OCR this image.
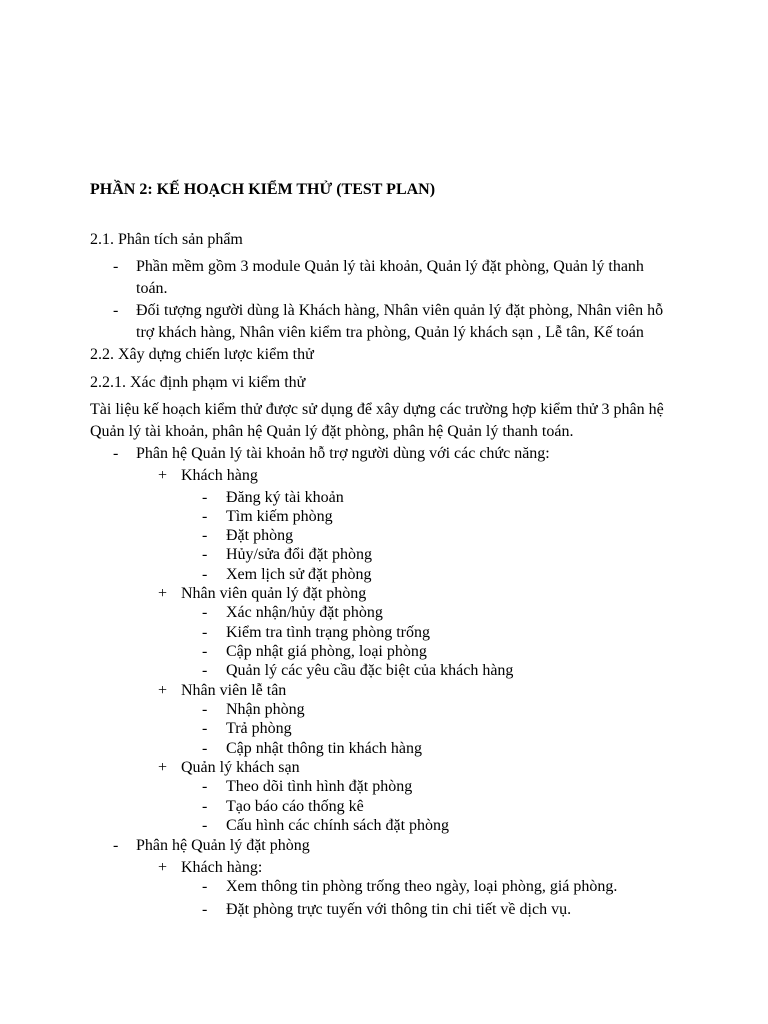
PHẦN 2: KẾ HOẠCH KIỂM THỬ (TEST PLAN)
2.1. Phân tích sản phẩm
- Phần mềm gồm 3 module Quản lý tài khoản, Quản lý đặt phòng, Quản lý thanh
toán.
- Đối tượng người dùng là Khách hàng, Nhân viên quản lý đặt phòng, Nhân viên hỗ
trợ khách hàng, Nhân viên kiểm tra phòng, Quản lý khách sạn , Lễ tân, Kế toán
2.2. Xây dựng chiến lược kiểm thử
2.2.1. Xác định phạm vi kiểm thử
Tài liệu kế hoạch kiểm thử được sử dụng để xây dựng các trường hợp kiểm thử 3 phân hệ
Quản lý tài khoản, phân hệ Quản lý đặt phòng, phân hệ Quản lý thanh toán.
- Phân hệ Quản lý tài khoản hỗ trợ người dùng với các chức năng:
+ Khách hàng
- Đăng ký tài khoản
- Tìm kiếm phòng
- Đặt phòng
- Hủy/sửa đổi đặt phòng
- Xem lịch sử đặt phòng
+ Nhân viên quản lý đặt phòng
- Xác nhận/hủy đặt phòng
- Kiểm tra tình trạng phòng trống
- Cập nhật giá phòng, loại phòng
- Quản lý các yêu cầu đặc biệt của khách hàng
+ Nhân viên lễ tân
- Nhận phòng
- Trả phòng
- Cập nhật thông tin khách hàng
+ Quản lý khách sạn
- Theo dõi tình hình đặt phòng
- Tạo báo cáo thống kê
- Cấu hình các chính sách đặt phòng
- Phân hệ Quản lý đặt phòng
+ Khách hàng:
- Xem thông tin phòng trống theo ngày, loại phòng, giá phòng.
- Đặt phòng trực tuyến với thông tin chi tiết về dịch vụ.
